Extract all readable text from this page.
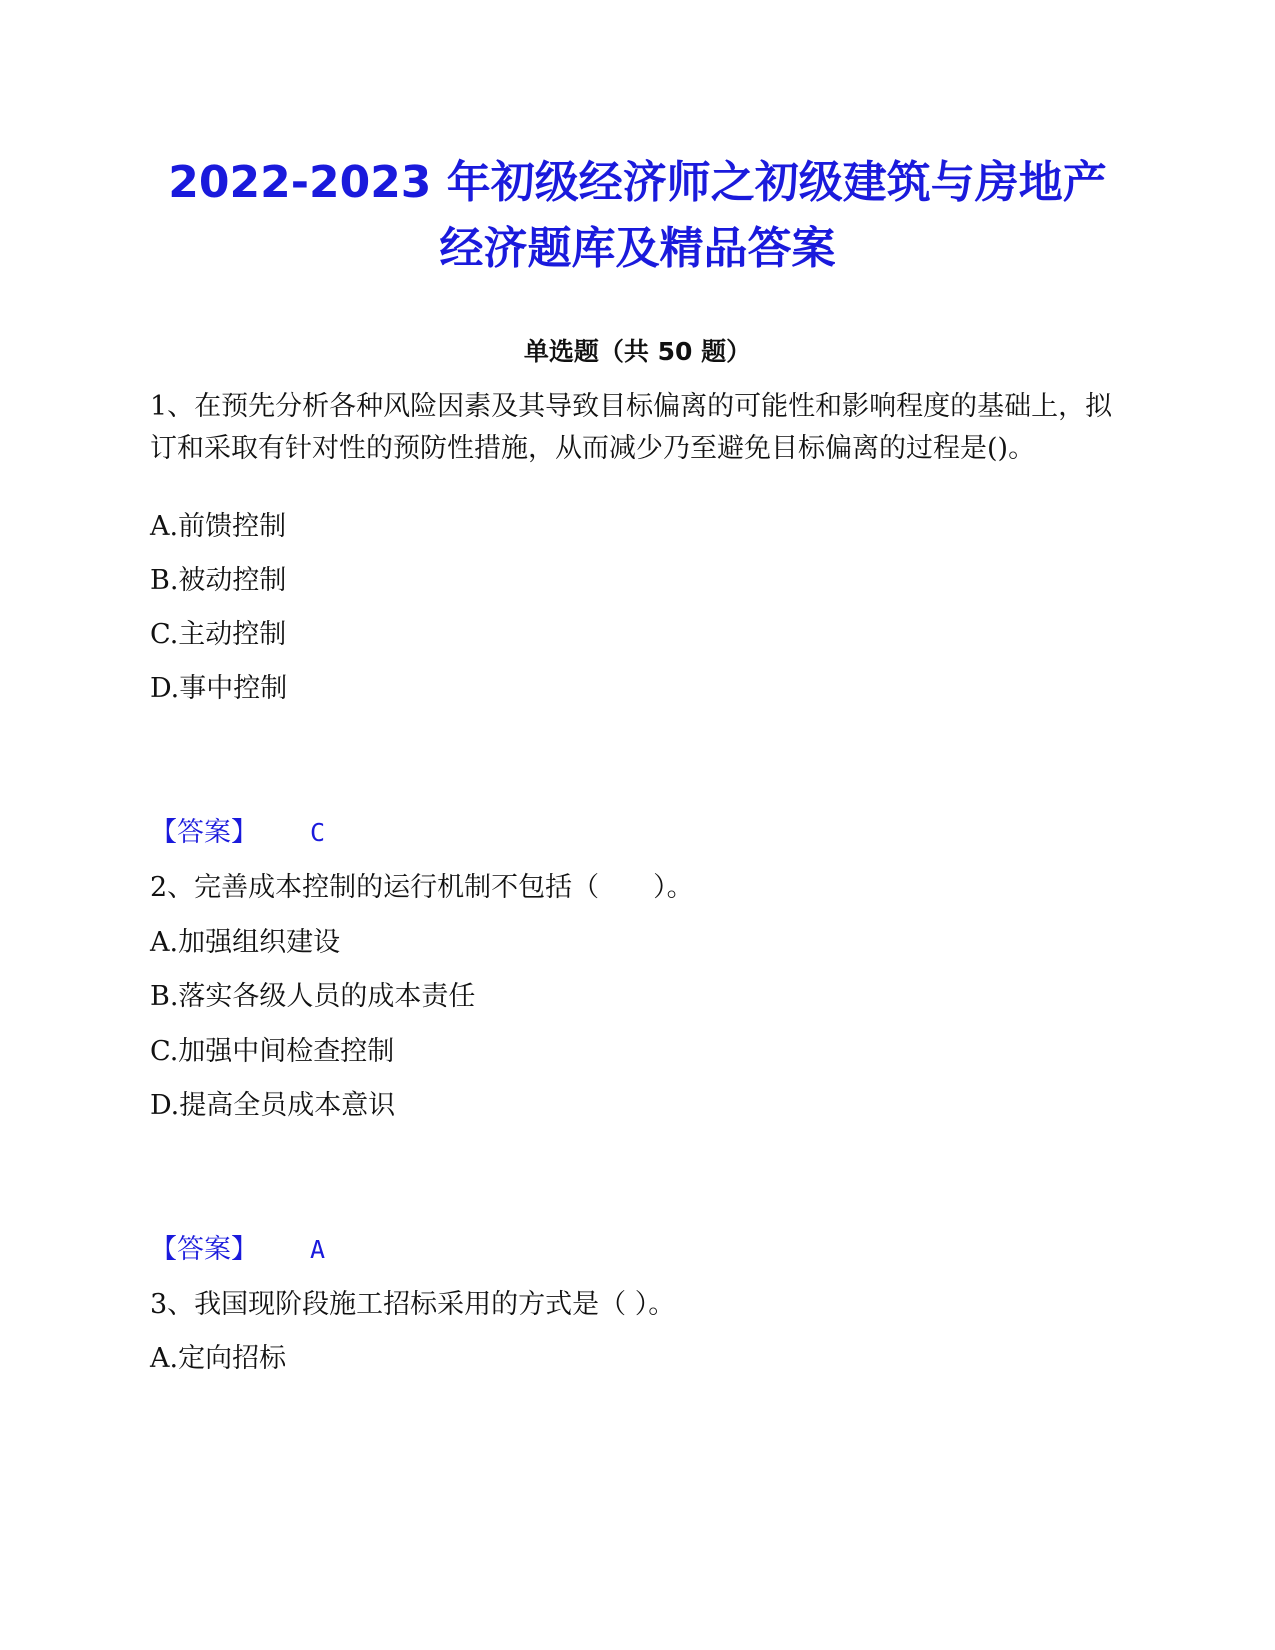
2022-2023 年初级经济师之初级建筑与房地产经济题库及精品答案
单选题（共 50 题）

1、在预先分析各种风险因素及其导致目标偏离的可能性和影响程度的基础上，拟订和采取有针对性的预防性措施，从而减少乃至避免目标偏离的过程是()。

A.前馈控制

B.被动控制

C.主动控制

D.事中控制

【答案】 C

2、完善成本控制的运行机制不包括（　　）。

A.加强组织建设

B.落实各级人员的成本责任

C.加强中间检查控制

D.提高全员成本意识

【答案】 A

3、我国现阶段施工招标采用的方式是（ ）。

A.定向招标
